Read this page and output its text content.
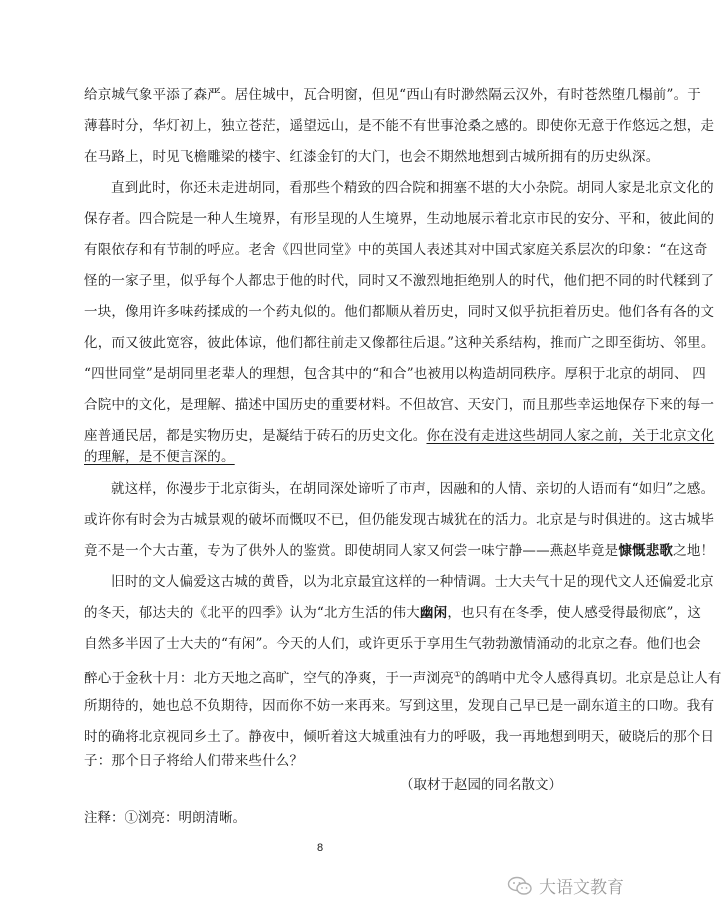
给京城气象平添了森严。居住城中，瓦合明窗，但见“西山有时渺然隔云汉外，有时苍然堕几榻前”。于
薄暮时分，华灯初上，独立苍茫，遥望远山，是不能不有世事沧桑之感的。即使你无意于作悠远之想，走
在马路上，时见飞檐雕梁的楼宇、红漆金钉的大门，也会不期然地想到古城所拥有的历史纵深。
直到此时，你还未走进胡同，看那些个精致的四合院和拥塞不堪的大小杂院。胡同人家是北京文化的
保存者。四合院是一种人生境界，有形呈现的人生境界，生动地展示着北京市民的安分、平和，彼此间的
有限依存和有节制的呼应。老舍《四世同堂》中的英国人表述其对中国式家庭关系层次的印象：“在这奇
怪的一家子里，似乎每个人都忠于他的时代，同时又不激烈地拒绝别人的时代，他们把不同的时代糅到了
一块，像用许多味药揉成的一个药丸似的。他们都顺从着历史，同时又似乎抗拒着历史。他们各有各的文
化，而又彼此宽容，彼此体谅，他们都往前走又像都往后退。”这种关系结构，推而广之即至街坊、邻里。
“四世同堂”是胡同里老辈人的理想，包含其中的“和合”也被用以构造胡同秩序。厚积于北京的胡同、 四
合院中的文化，是理解、描述中国历史的重要材料。不但故宫、天安门，而且那些幸运地保存下来的每一
座普通民居，都是实物历史，是凝结于砖石的历史文化。你在没有走进这些胡同人家之前，关于北京文化
的理解，是不便言深的。
就这样，你漫步于北京街头，在胡同深处谛听了市声，因融和的人情、亲切的人语而有“如归”之感。
或许你有时会为古城景观的破坏而慨叹不已，但仍能发现古城犹在的活力。北京是与时俱进的。这古城毕
竟不是一个大古董，专为了供外人的鉴赏。即使胡同人家又何尝一味宁静——燕赵毕竟是慷慨悲歌之地！
旧时的文人偏爱这古城的黄昏，以为北京最宜这样的一种情调。士大夫气十足的现代文人还偏爱北京
的冬天，郁达夫的《北平的四季》认为“北方生活的伟大幽闲，也只有在冬季，使人感受得最彻底”，这
自然多半因了士大夫的“有闲”。今天的人们，或许更乐于享用生气勃勃激情涌动的北京之春。他们也会
醉心于金秋十月：北方天地之高旷，空气的净爽，于一声浏亮①的鸽哨中尤令人感得真切。北京是总让人有
所期待的，她也总不负期待，因而你不妨一来再来。写到这里，发现自己早已是一副东道主的口吻。我有
时的确将北京视同乡土了。静夜中，倾听着这大城重浊有力的呼吸，我一再地想到明天，破晓后的那个日
子：那个日子将给人们带来些什么？
（取材于赵园的同名散文）
注释：①浏亮：明朗清晰。
8
大语文教育
